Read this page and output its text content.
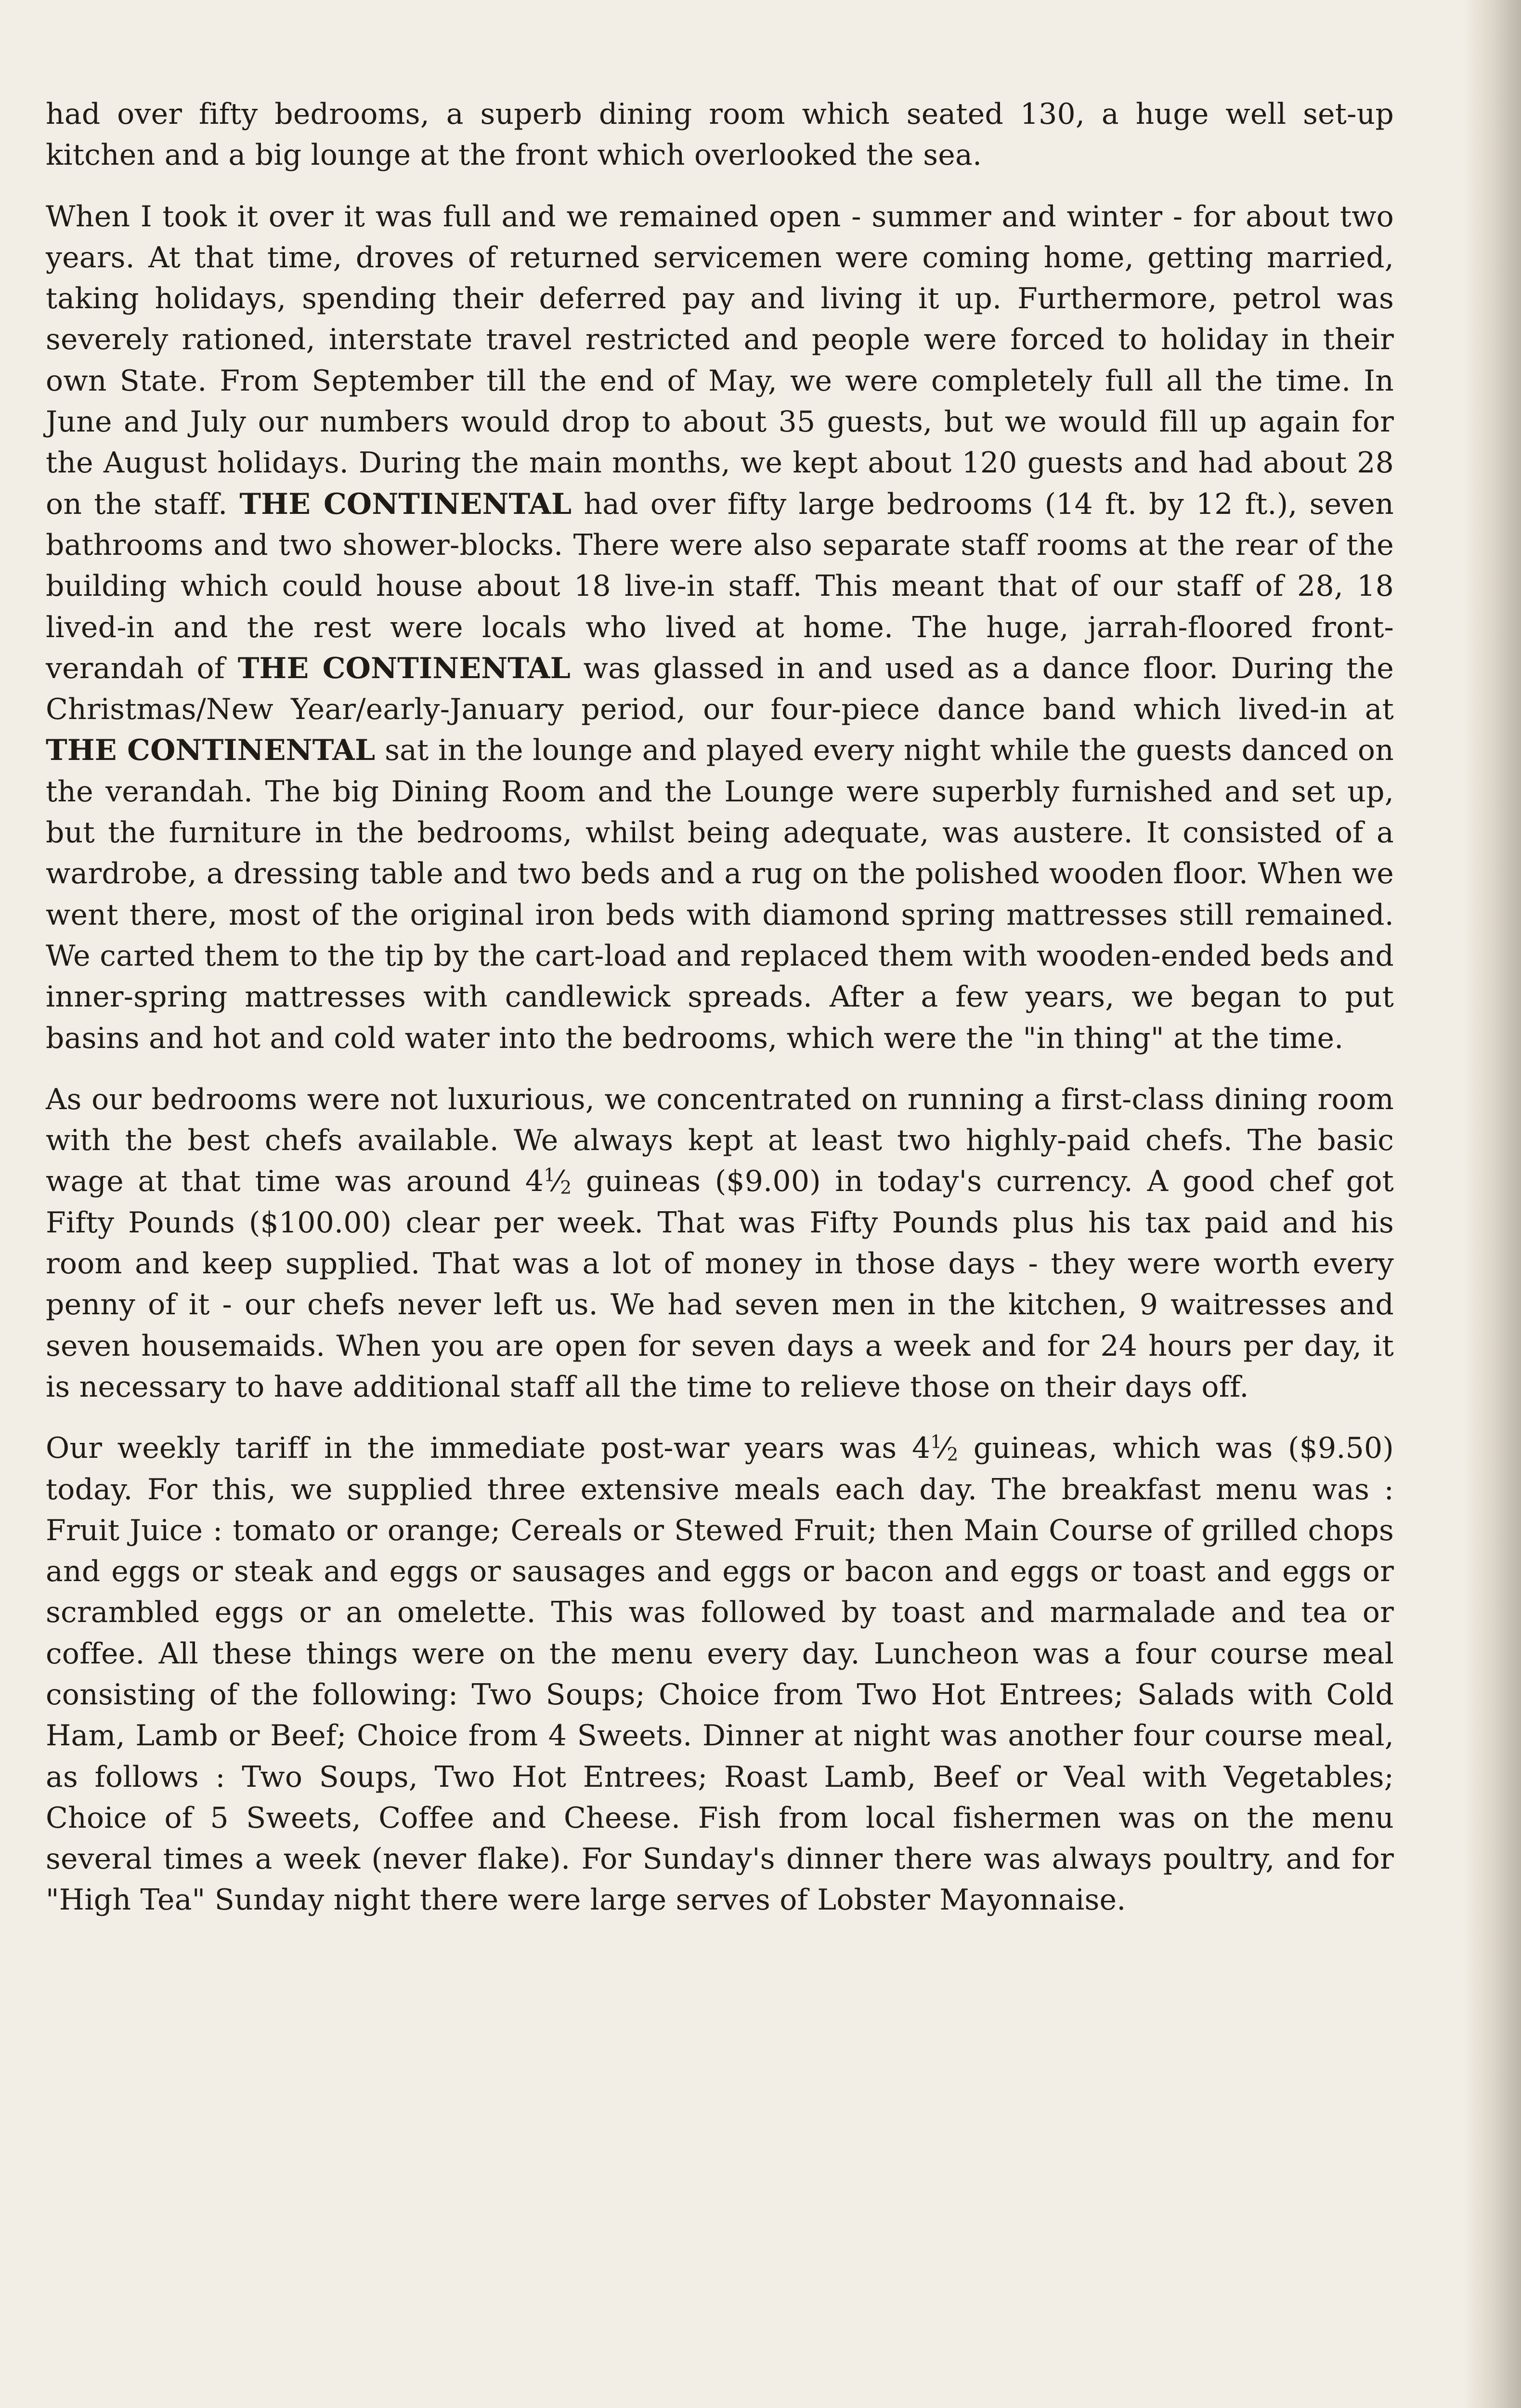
had over fifty bedrooms, a superb dining room which seated 130, a huge well set-up kitchen and a big lounge at the front which overlooked the sea.

When I took it over it was full and we remained open - summer and winter - for about two years. At that time, droves of returned servicemen were coming home, getting married, taking holidays, spending their deferred pay and living it up. Furthermore, petrol was severely rationed, interstate travel restricted and people were forced to holiday in their own State. From September till the end of May, we were completely full all the time. In June and July our numbers would drop to about 35 guests, but we would fill up again for the August holidays. During the main months, we kept about 120 guests and had about 28 on the staff. THE CONTINENTAL had over fifty large bedrooms (14 ft. by 12 ft.), seven bathrooms and two shower-blocks. There were also separate staff rooms at the rear of the building which could house about 18 live-in staff. This meant that of our staff of 28, 18 lived-in and the rest were locals who lived at home. The huge, jarrah-floored front-verandah of THE CONTINENTAL was glassed in and used as a dance floor. During the Christmas/New Year/early-January period, our four-piece dance band which lived-in at THE CONTINENTAL sat in the lounge and played every night while the guests danced on the verandah. The big Dining Room and the Lounge were superbly furnished and set up, but the furniture in the bedrooms, whilst being adequate, was austere. It consisted of a wardrobe, a dressing table and two beds and a rug on the polished wooden floor. When we went there, most of the original iron beds with diamond spring mattresses still remained. We carted them to the tip by the cart-load and replaced them with wooden-ended beds and inner-spring mattresses with candlewick spreads. After a few years, we began to put basins and hot and cold water into the bedrooms, which were the "in thing" at the time.

As our bedrooms were not luxurious, we concentrated on running a first-class dining room with the best chefs available. We always kept at least two highly-paid chefs. The basic wage at that time was around $4^1⁄_2$ guineas ($9.00) in today's currency. A good chef got Fifty Pounds ($100.00) clear per week. That was Fifty Pounds plus his tax paid and his room and keep supplied. That was a lot of money in those days - they were worth every penny of it - our chefs never left us. We had seven men in the kitchen, 9 waitresses and seven housemaids. When you are open for seven days a week and for 24 hours per day, it is necessary to have additional staff all the time to relieve those on their days off.

Our weekly tariff in the immediate post-war years was $4^1⁄_2$ guineas, which was ($9.50) today. For this, we supplied three extensive meals each day. The breakfast menu was : Fruit Juice : tomato or orange; Cereals or Stewed Fruit; then Main Course of grilled chops and eggs or steak and eggs or sausages and eggs or bacon and eggs or toast and eggs or scrambled eggs or an omelette. This was followed by toast and marmalade and tea or coffee. All these things were on the menu every day. Luncheon was a four course meal consisting of the following: Two Soups; Choice from Two Hot Entrees; Salads with Cold Ham, Lamb or Beef; Choice from 4 Sweets. Dinner at night was another four course meal, as follows : Two Soups, Two Hot Entrees; Roast Lamb, Beef or Veal with Vegetables; Choice of 5 Sweets, Coffee and Cheese. Fish from local fishermen was on the menu several times a week (never flake). For Sunday's dinner there was always poultry, and for "High Tea" Sunday night there were large serves of Lobster Mayonnaise.
